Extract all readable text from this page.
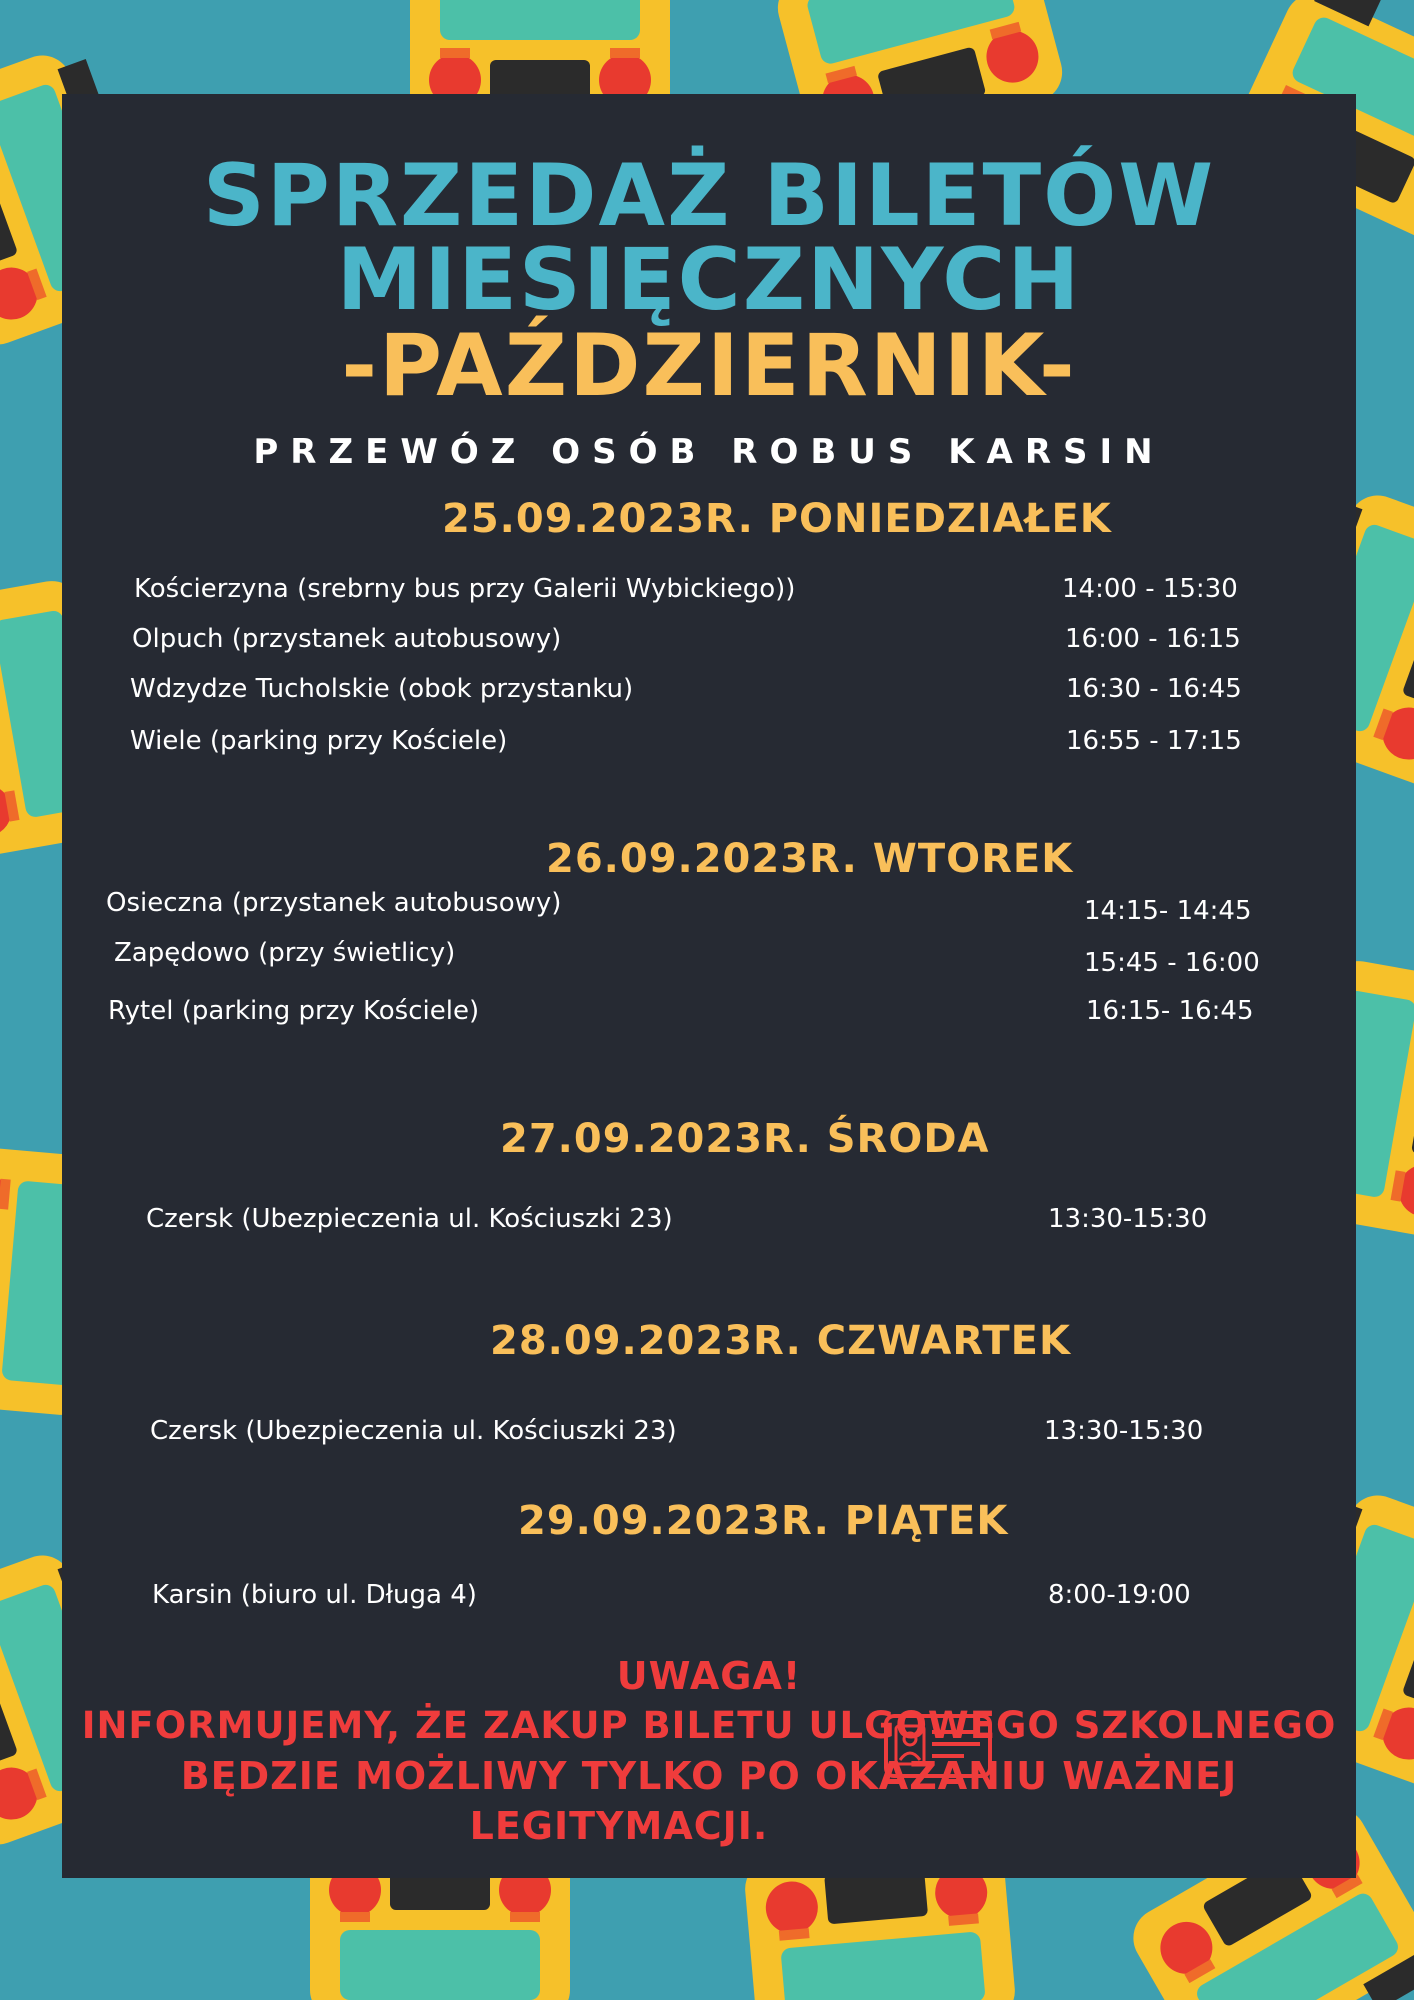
SPRZEDAŻ BILETÓW
MIESIĘCZNYCH
-PAŹDZIERNIK-
PRZEWÓZ OSÓB ROBUS KARSIN
25.09.2023R. PONIEDZIAŁEK
Kościerzyna (srebrny bus przy Galerii Wybickiego))	14:00 - 15:30
Olpuch (przystanek autobusowy)	16:00 - 16:15
Wdzydze Tucholskie (obok przystanku)	16:30 - 16:45
Wiele (parking przy Kościele)	16:55 - 17:15
26.09.2023R. WTOREK
Osieczna (przystanek autobusowy)	14:15- 14:45
Zapędowo (przy świetlicy)	15:45 - 16:00
Rytel (parking przy Kościele)	16:15- 16:45
27.09.2023R. ŚRODA
Czersk (Ubezpieczenia ul. Kościuszki 23)	13:30-15:30
28.09.2023R. CZWARTEK
Czersk (Ubezpieczenia ul. Kościuszki 23)	13:30-15:30
29.09.2023R. PIĄTEK
Karsin (biuro ul. Długa 4)	8:00-19:00
UWAGA!
INFORMUJEMY, ŻE ZAKUP BILETU ULGOWEGO SZKOLNEGO
BĘDZIE MOŻLIWY TYLKO PO OKAZANIU WAŻNEJ
LEGITYMACJI.
